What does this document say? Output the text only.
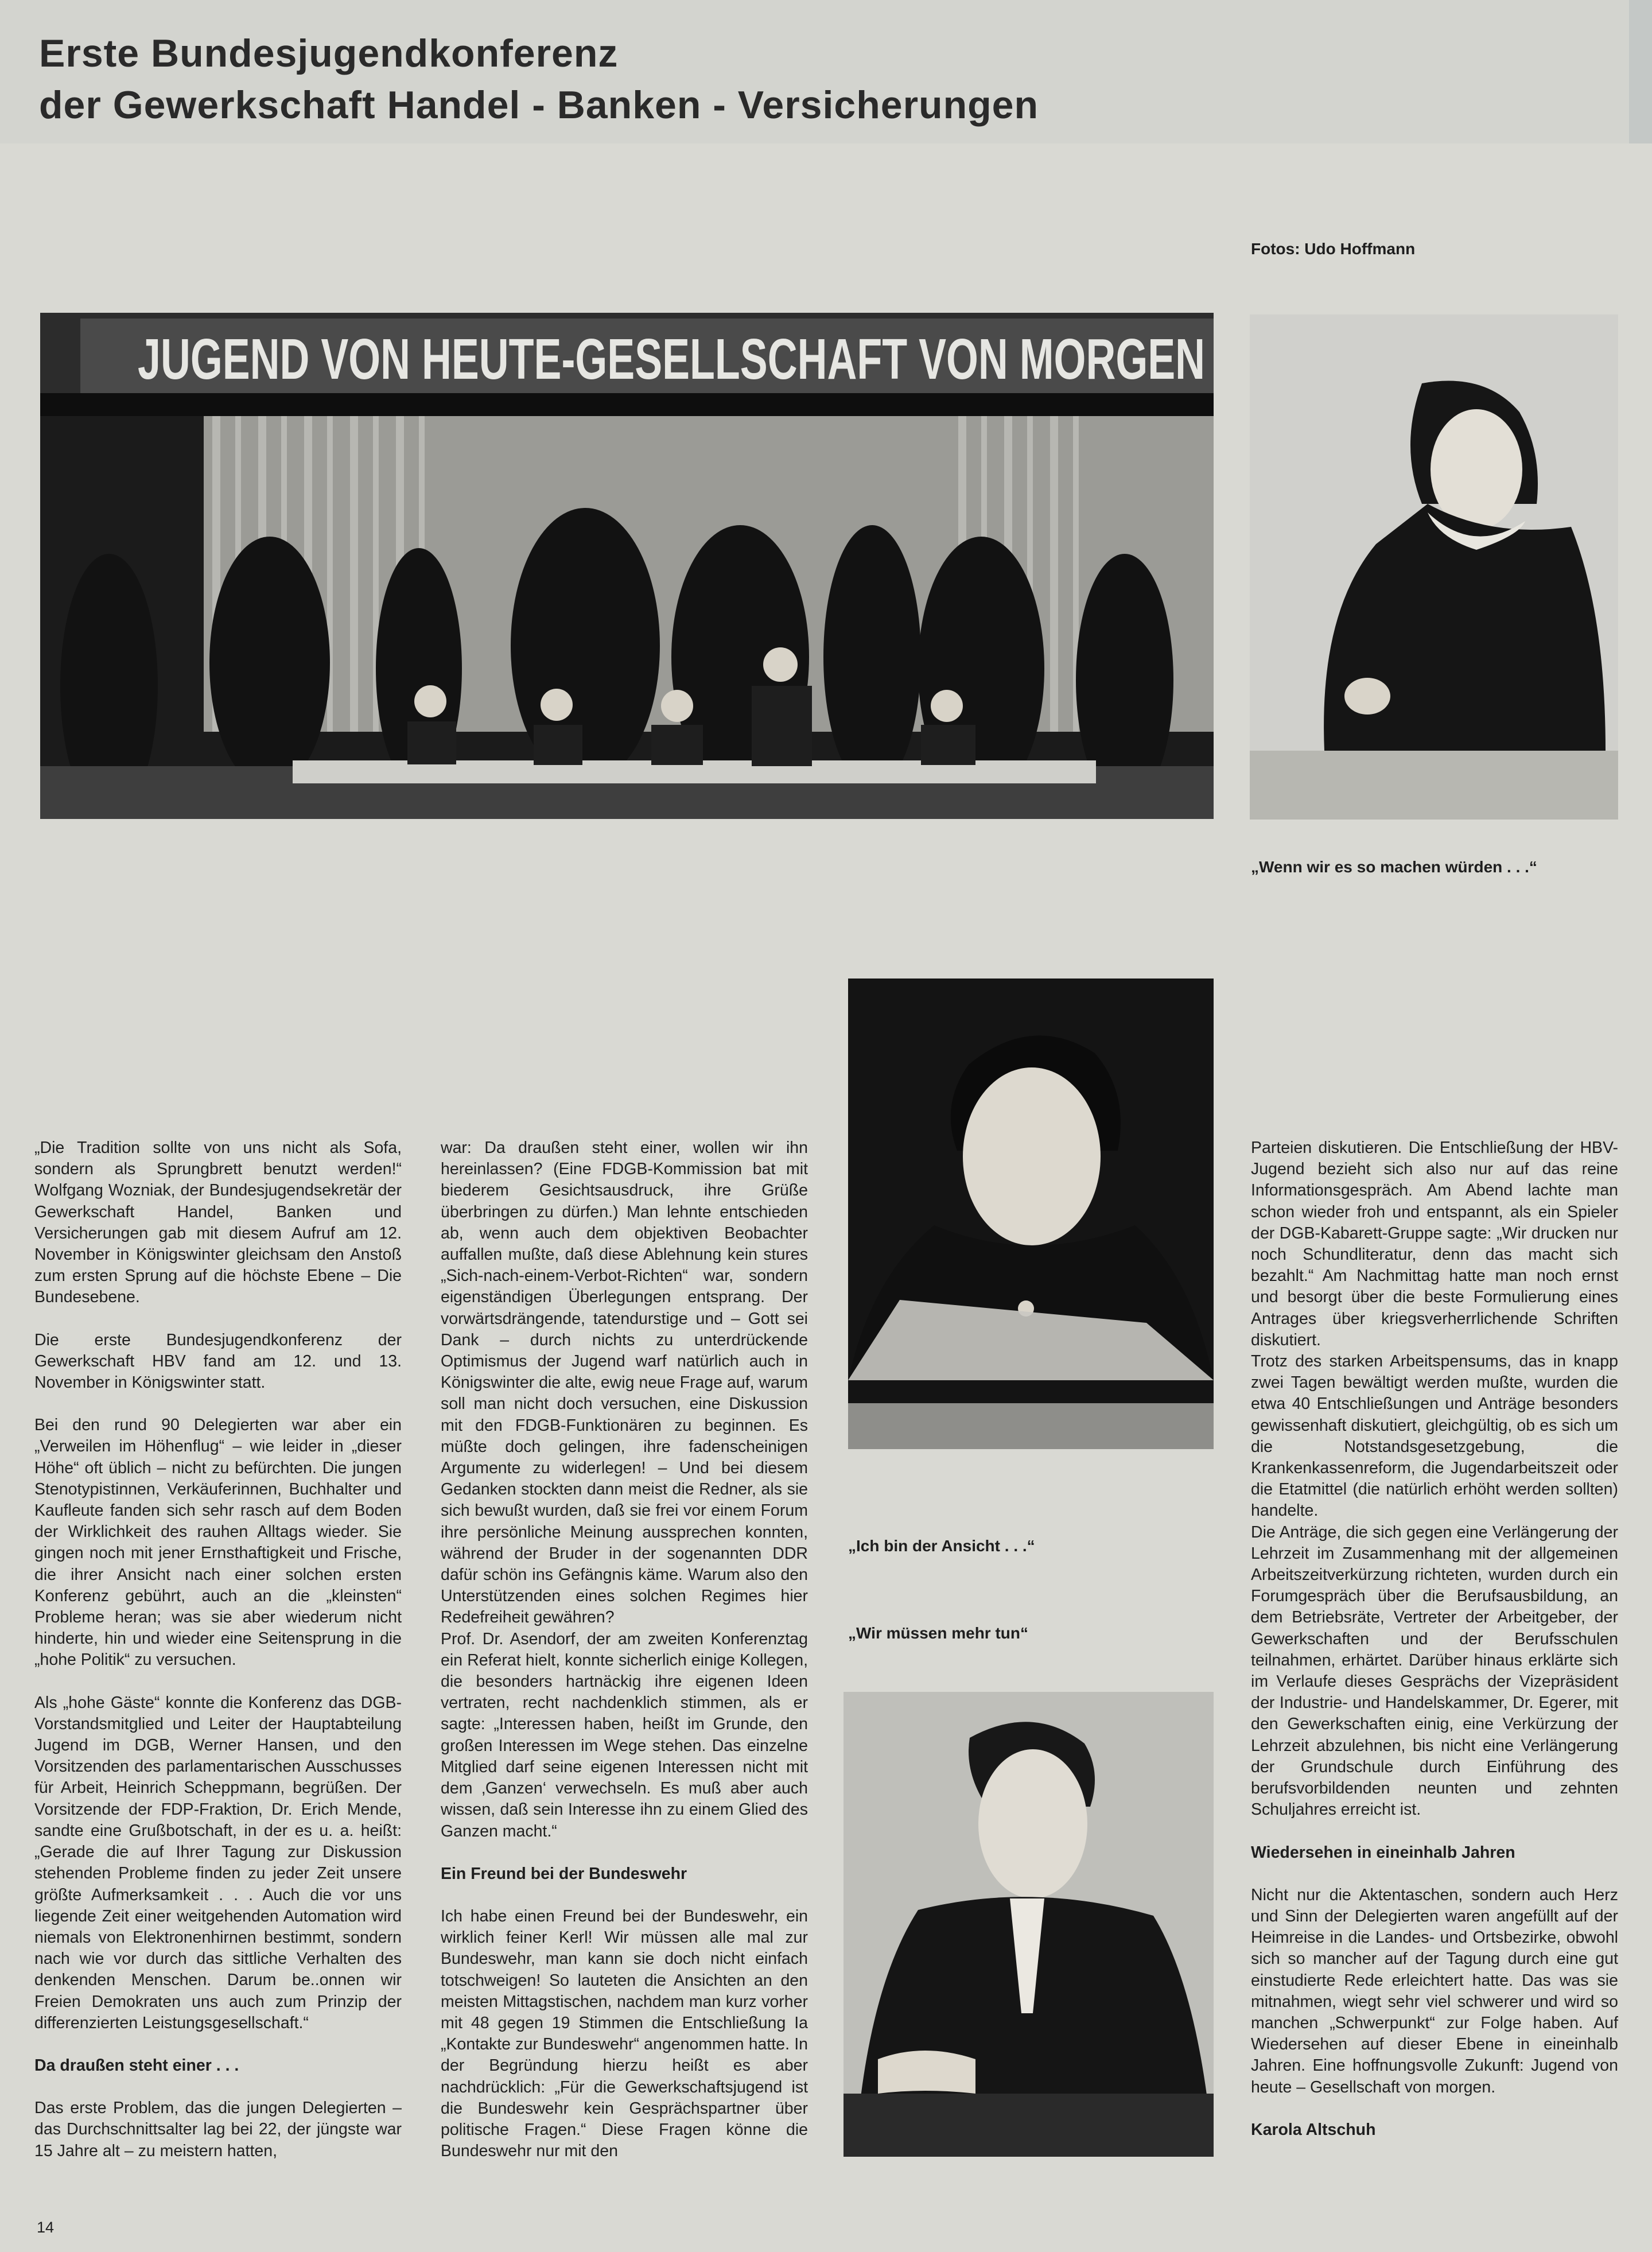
Erste Bundesjugendkonferenz
der Gewerkschaft Handel - Banken - Versicherungen
Fotos: Udo Hoffmann
JUGEND VON HEUTE-GESELLSCHAFT VON MORGEN
„Wenn wir es so machen würden . . .“
„Ich bin der Ansicht . . .“
„Wir müssen mehr tun“

„Die Tradition sollte von uns nicht als Sofa, sondern als Sprungbrett benutzt werden!“ Wolfgang Wozniak, der Bundesjugendsekretär der Gewerkschaft Handel, Banken und Versicherungen gab mit diesem Aufruf am 12. November in Königswinter gleichsam den Anstoß zum ersten Sprung auf die höchste Ebene – Die Bundesebene.

Die erste Bundesjugendkonferenz der Gewerkschaft HBV fand am 12. und 13. November in Königswinter statt.

Bei den rund 90 Delegierten war aber ein „Verweilen im Höhenflug“ – wie leider in „dieser Höhe“ oft üblich – nicht zu befürchten. Die jungen Stenotypistinnen, Verkäuferinnen, Buchhalter und Kaufleute fanden sich sehr rasch auf dem Boden der Wirklichkeit des rauhen Alltags wieder. Sie gingen noch mit jener Ernsthaftigkeit und Frische, die ihrer Ansicht nach einer solchen ersten Konferenz gebührt, auch an die „kleinsten“ Probleme heran; was sie aber wiederum nicht hinderte, hin und wieder eine Seitensprung in die „hohe Politik“ zu versuchen.

Als „hohe Gäste“ konnte die Konferenz das DGB-Vorstandsmitglied und Leiter der Hauptabteilung Jugend im DGB, Werner Hansen, und den Vorsitzenden des parlamentarischen Ausschusses für Arbeit, Heinrich Scheppmann, begrüßen. Der Vorsitzende der FDP-Fraktion, Dr. Erich Mende, sandte eine Grußbotschaft, in der es u. a. heißt: „Gerade die auf Ihrer Tagung zur Diskussion stehenden Probleme finden zu jeder Zeit unsere größte Aufmerksamkeit . . . Auch die vor uns liegende Zeit einer weitgehenden Automation wird niemals von Elektronenhirnen bestimmt, sondern nach wie vor durch das sittliche Verhalten des denkenden Menschen. Darum be..onnen wir Freien Demokraten uns auch zum Prinzip der differenzierten Leistungsgesellschaft.“

Da draußen steht einer . . .

Das erste Problem, das die jungen Delegierten – das Durchschnittsalter lag bei 22, der jüngste war 15 Jahre alt – zu meistern hatten,

war: Da draußen steht einer, wollen wir ihn hereinlassen? (Eine FDGB-Kommission bat mit biederem Gesichtsausdruck, ihre Grüße überbringen zu dürfen.) Man lehnte entschieden ab, wenn auch dem objektiven Beobachter auffallen mußte, daß diese Ablehnung kein stures „Sich-nach-einem-Verbot-Richten“ war, sondern eigenständigen Überlegungen entsprang. Der vorwärtsdrängende, tatendurstige und – Gott sei Dank – durch nichts zu unterdrückende Optimismus der Jugend warf natürlich auch in Königswinter die alte, ewig neue Frage auf, warum soll man nicht doch versuchen, eine Diskussion mit den FDGB-Funktionären zu beginnen. Es müßte doch gelingen, ihre fadenscheinigen Argumente zu widerlegen! – Und bei diesem Gedanken stockten dann meist die Redner, als sie sich bewußt wurden, daß sie frei vor einem Forum ihre persönliche Meinung aussprechen konnten, während der Bruder in der sogenannten DDR dafür schön ins Gefängnis käme. Warum also den Unterstützenden eines solchen Regimes hier Redefreiheit gewähren?

Prof. Dr. Asendorf, der am zweiten Konferenztag ein Referat hielt, konnte sicherlich einige Kollegen, die besonders hartnäckig ihre eigenen Ideen vertraten, recht nachdenklich stimmen, als er sagte: „Interessen haben, heißt im Grunde, den großen Interessen im Wege stehen. Das einzelne Mitglied darf seine eigenen Interessen nicht mit dem ‚Ganzen‘ verwechseln. Es muß aber auch wissen, daß sein Interesse ihn zu einem Glied des Ganzen macht.“

Ein Freund bei der Bundeswehr

Ich habe einen Freund bei der Bundeswehr, ein wirklich feiner Kerl! Wir müssen alle mal zur Bundeswehr, man kann sie doch nicht einfach totschweigen! So lauteten die Ansichten an den meisten Mittagstischen, nachdem man kurz vorher mit 48 gegen 19 Stimmen die Entschließung Ia „Kontakte zur Bundeswehr“ angenommen hatte. In der Begründung hierzu heißt es aber nachdrücklich: „Für die Gewerkschaftsjugend ist die Bundeswehr kein Gesprächspartner über politische Fragen.“ Diese Fragen könne die Bundeswehr nur mit den

Parteien diskutieren. Die Entschließung der HBV-Jugend bezieht sich also nur auf das reine Informationsgespräch. Am Abend lachte man schon wieder froh und entspannt, als ein Spieler der DGB-Kabarett-Gruppe sagte: „Wir drucken nur noch Schundliteratur, denn das macht sich bezahlt.“ Am Nachmittag hatte man noch ernst und besorgt über die beste Formulierung eines Antrages über kriegsverherrlichende Schriften diskutiert.

Trotz des starken Arbeitspensums, das in knapp zwei Tagen bewältigt werden mußte, wurden die etwa 40 Entschließungen und Anträge besonders gewissenhaft diskutiert, gleichgültig, ob es sich um die Notstandsgesetzgebung, die Krankenkassenreform, die Jugendarbeitszeit oder die Etatmittel (die natürlich erhöht werden sollten) handelte.

Die Anträge, die sich gegen eine Verlängerung der Lehrzeit im Zusammenhang mit der allgemeinen Arbeitszeitverkürzung richteten, wurden durch ein Forumgespräch über die Berufsausbildung, an dem Betriebsräte, Vertreter der Arbeitgeber, der Gewerkschaften und der Berufsschulen teilnahmen, erhärtet. Darüber hinaus erklärte sich im Verlaufe dieses Gesprächs der Vizepräsident der Industrie- und Handelskammer, Dr. Egerer, mit den Gewerkschaften einig, eine Verkürzung der Lehrzeit abzulehnen, bis nicht eine Verlängerung der Grundschule durch Einführung des berufsvorbildenden neunten und zehnten Schuljahres erreicht ist.

Wiedersehen in eineinhalb Jahren

Nicht nur die Aktentaschen, sondern auch Herz und Sinn der Delegierten waren angefüllt auf der Heimreise in die Landes- und Ortsbezirke, obwohl sich so mancher auf der Tagung durch eine gut einstudierte Rede erleichtert hatte. Das was sie mitnahmen, wiegt sehr viel schwerer und wird so manchen „Schwerpunkt“ zur Folge haben. Auf Wiedersehen auf dieser Ebene in eineinhalb Jahren. Eine hoffnungsvolle Zukunft: Jugend von heute – Gesellschaft von morgen.

Karola Altschuh

14
